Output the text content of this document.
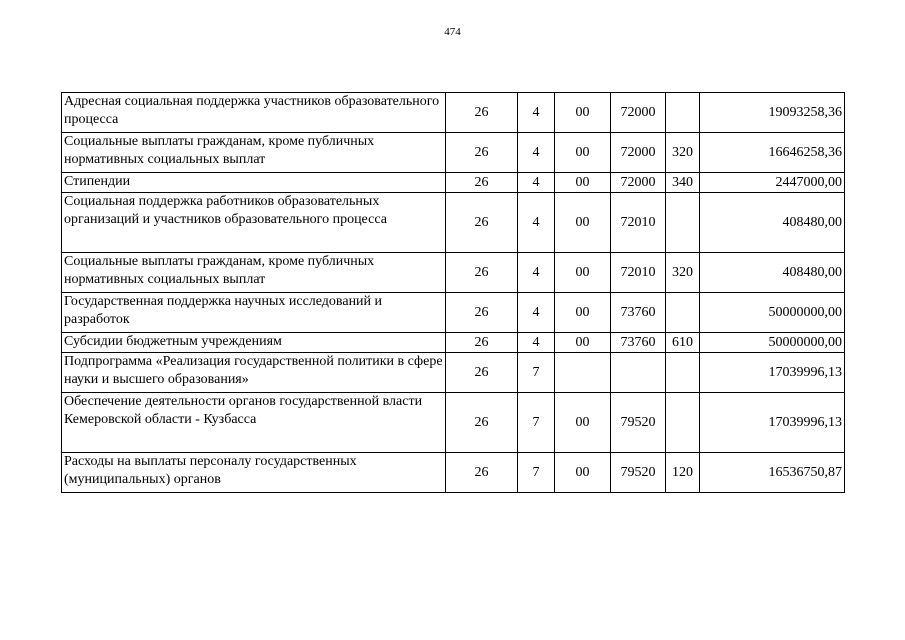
474
Адресная социальная поддержка участников образовательного процесса	26	4	00	72000		19093258,36
Социальные выплаты гражданам, кроме публичных нормативных социальных выплат	26	4	00	72000	320	16646258,36
Стипендии	26	4	00	72000	340	2447000,00
Социальная поддержка работников образовательных организаций и участников образовательного процесса	26	4	00	72010		408480,00
Социальные выплаты гражданам, кроме публичных нормативных социальных выплат	26	4	00	72010	320	408480,00
Государственная поддержка научных исследований и разработок	26	4	00	73760		50000000,00
Субсидии бюджетным учреждениям	26	4	00	73760	610	50000000,00
Подпрограмма «Реализация государственной политики в сфере науки и высшего образования»	26	7				17039996,13
Обеспечение деятельности органов государственной власти Кемеровской области - Кузбасса	26	7	00	79520		17039996,13
Расходы на выплаты персоналу государственных (муниципальных) органов	26	7	00	79520	120	16536750,87
